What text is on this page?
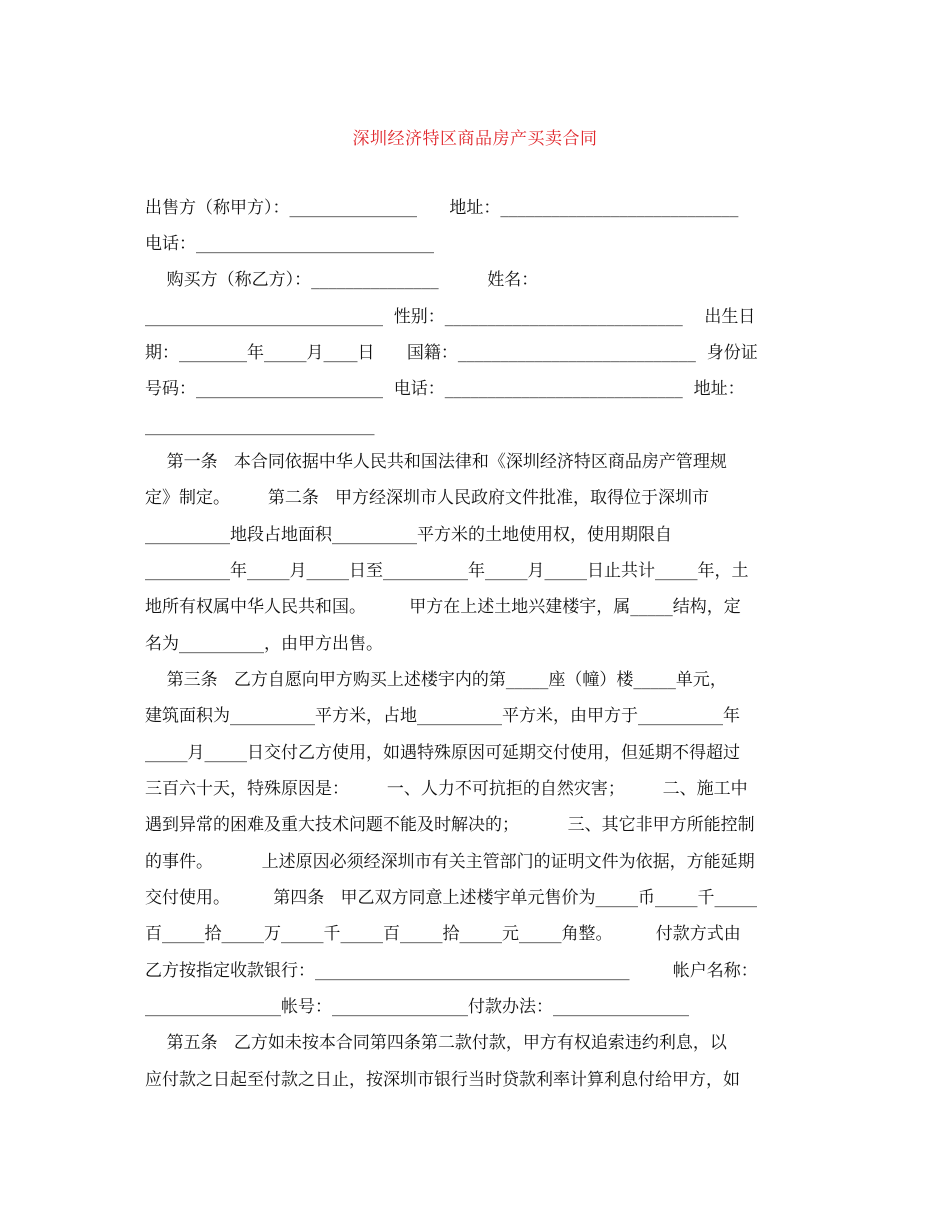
深圳经济特区商品房产买卖合同
出售方（称甲方）：_______________      地址：____________________________
电话：____________________________
购买方（称乙方）：_______________         姓名：
____________________________  性别：____________________________    出生日
期：________年_____月____日      国籍：____________________________  身份证
号码：______________________  电话：____________________________  地址：
___________________________
第一条   本合同依据中华人民共和国法律和《深圳经济特区商品房产管理规
定》制定。       第二条   甲方经深圳市人民政府文件批准，取得位于深圳市
__________地段占地面积__________平方米的土地使用权，使用期限自
__________年_____月_____日至__________年_____月_____日止共计_____年，土
地所有权属中华人民共和国。        甲方在上述土地兴建楼宇，属_____结构，定
名为__________，由甲方出售。
第三条   乙方自愿向甲方购买上述楼宇内的第_____座（幢）楼_____单元，
建筑面积为__________平方米，占地__________平方米，由甲方于__________年
_____月_____日交付乙方使用，如遇特殊原因可延期交付使用，但延期不得超过
三百六十天，特殊原因是：       一、人力不可抗拒的自然灾害；       二、施工中
遇到异常的困难及重大技术问题不能及时解决的；         三、其它非甲方所能控制
的事件。         上述原因必须经深圳市有关主管部门的证明文件为依据，方能延期
交付使用。        第四条   甲乙双方同意上述楼宇单元售价为_____币_____千_____
百_____拾_____万_____千_____百_____拾_____元_____角整。        付款方式由
乙方按指定收款银行：_____________________________________        帐户名称：
________________帐号：________________付款办法：________________
第五条   乙方如未按本合同第四条第二款付款，甲方有权追索违约利息，以
应付款之日起至付款之日止，按深圳市银行当时贷款利率计算利息付给甲方，如
